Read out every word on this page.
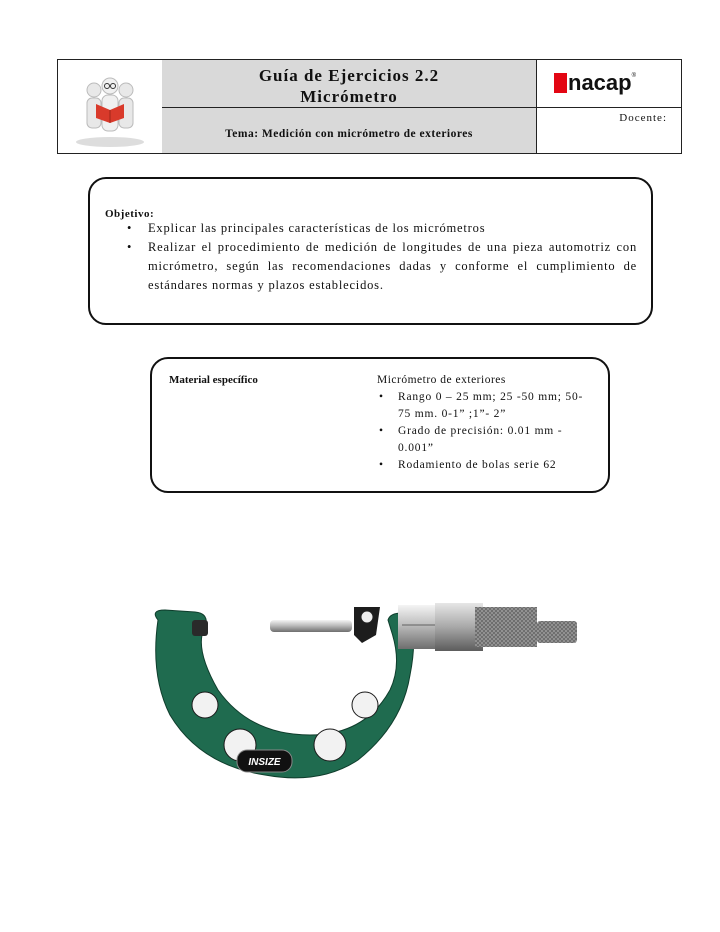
Guía de Ejercicios 2.2
Micrómetro
Tema: Medición con micrómetro de exteriores
nacap ®
Docente:
Objetivo:
• Explicar las principales características de los micrómetros
• Realizar el procedimiento de medición de longitudes de una pieza automotriz con micrómetro, según las recomendaciones dadas y conforme el cumplimiento de estándares normas y plazos establecidos.
Material específico	Micrómetro de exteriores
• Rango 0 – 25 mm; 25 -50 mm; 50-75 mm. 0-1” ;1”- 2”
• Grado de precisión: 0.01 mm - 0.001”
• Rodamiento de bolas serie 62
INSIZE
